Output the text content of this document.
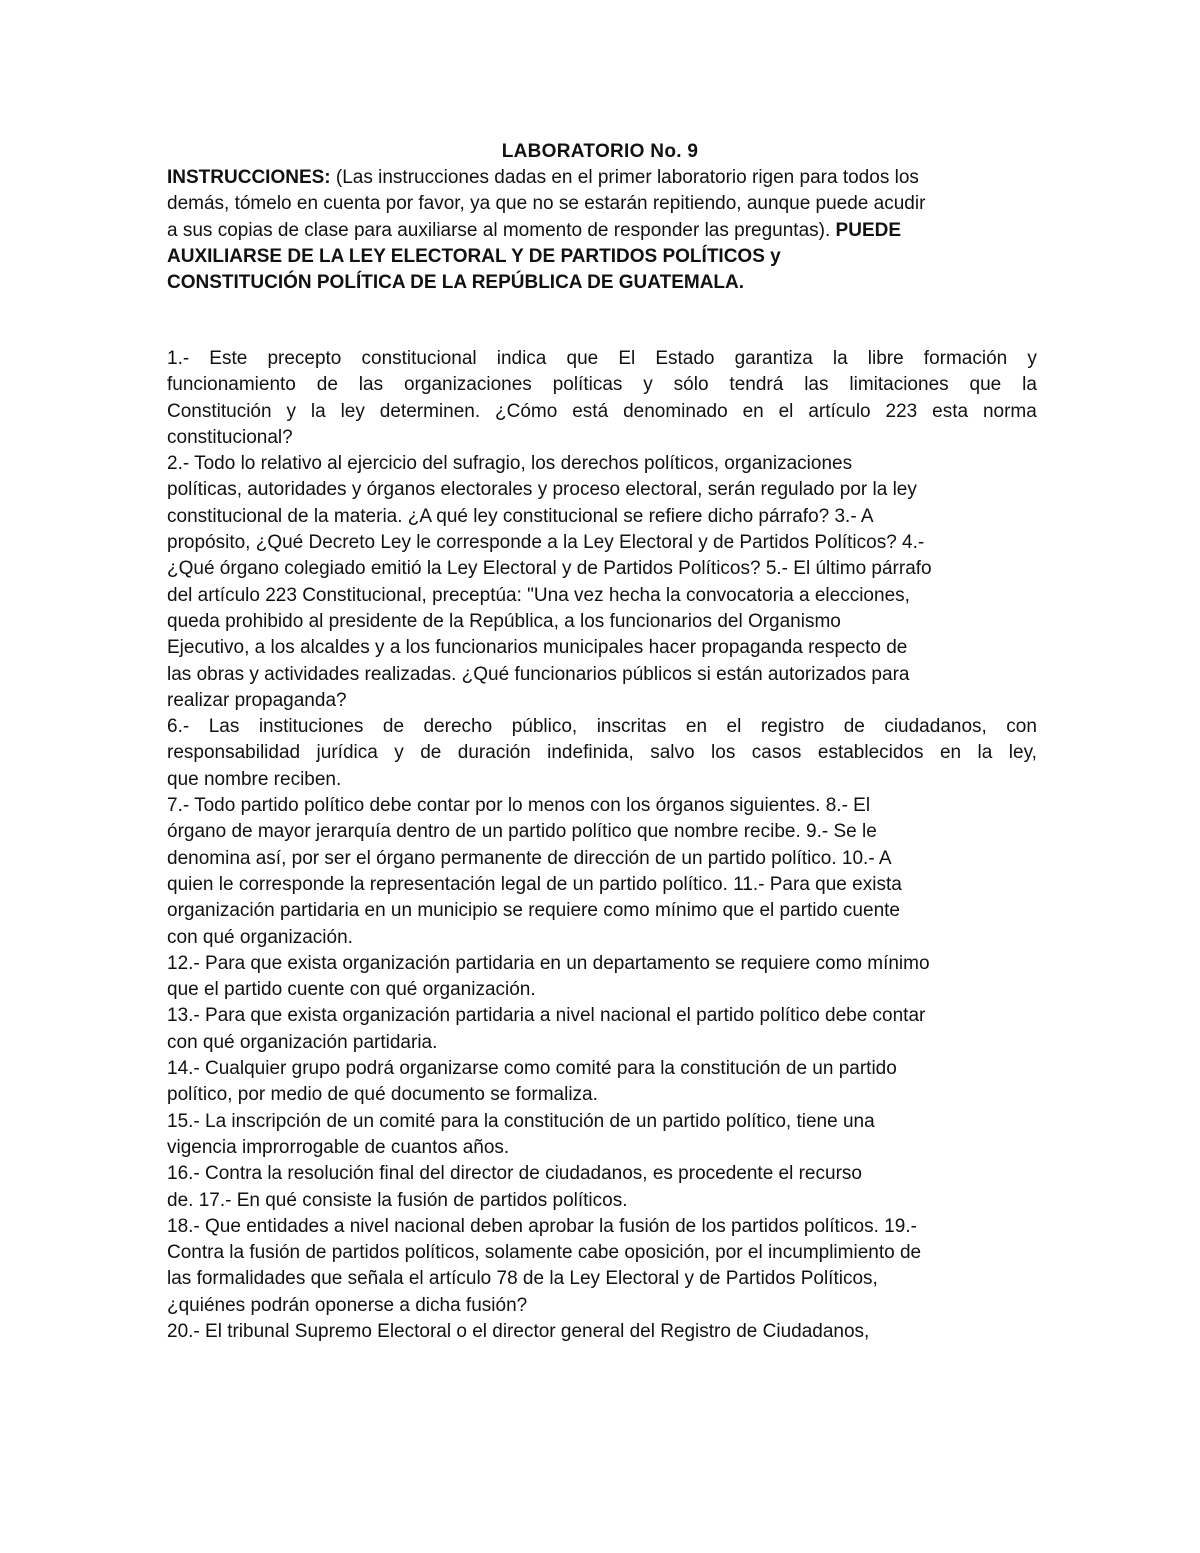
LABORATORIO No. 9
INSTRUCCIONES: (Las instrucciones dadas en el primer laboratorio rigen para todos los
demás, tómelo en cuenta por favor, ya que no se estarán repitiendo, aunque puede acudir
a sus copias de clase para auxiliarse al momento de responder las preguntas). PUEDE
AUXILIARSE DE LA LEY ELECTORAL Y DE PARTIDOS POLÍTICOS y
CONSTITUCIÓN POLÍTICA DE LA REPÚBLICA DE GUATEMALA.
1.- Este precepto constitucional indica que El Estado garantiza la libre formación y
funcionamiento de las organizaciones políticas y sólo tendrá las limitaciones que la
Constitución y la ley determinen. ¿Cómo está denominado en el artículo 223 esta norma
constitucional?
2.- Todo lo relativo al ejercicio del sufragio, los derechos políticos, organizaciones
políticas, autoridades y órganos electorales y proceso electoral, serán regulado por la ley
constitucional de la materia. ¿A qué ley constitucional se refiere dicho párrafo? 3.- A
propósito, ¿Qué Decreto Ley le corresponde a la Ley Electoral y de Partidos Políticos? 4.-
¿Qué órgano colegiado emitió la Ley Electoral y de Partidos Políticos? 5.- El último párrafo
del artículo 223 Constitucional, preceptúa: "Una vez hecha la convocatoria a elecciones,
queda prohibido al presidente de la República, a los funcionarios del Organismo
Ejecutivo, a los alcaldes y a los funcionarios municipales hacer propaganda respecto de
las obras y actividades realizadas. ¿Qué funcionarios públicos si están autorizados para
realizar propaganda?
6.- Las instituciones de derecho público, inscritas en el registro de ciudadanos, con
responsabilidad jurídica y de duración indefinida, salvo los casos establecidos en la ley,
que nombre reciben.
7.- Todo partido político debe contar por lo menos con los órganos siguientes. 8.- El
órgano de mayor jerarquía dentro de un partido político que nombre recibe. 9.- Se le
denomina así, por ser el órgano permanente de dirección de un partido político. 10.- A
quien le corresponde la representación legal de un partido político. 11.- Para que exista
organización partidaria en un municipio se requiere como mínimo que el partido cuente
con qué organización.
12.- Para que exista organización partidaria en un departamento se requiere como mínimo
que el partido cuente con qué organización.
13.- Para que exista organización partidaria a nivel nacional el partido político debe contar
con qué organización partidaria.
14.- Cualquier grupo podrá organizarse como comité para la constitución de un partido
político, por medio de qué documento se formaliza.
15.- La inscripción de un comité para la constitución de un partido político, tiene una
vigencia improrrogable de cuantos años.
16.- Contra la resolución final del director de ciudadanos, es procedente el recurso
de. 17.- En qué consiste la fusión de partidos políticos.
18.- Que entidades a nivel nacional deben aprobar la fusión de los partidos políticos. 19.-
Contra la fusión de partidos políticos, solamente cabe oposición, por el incumplimiento de
las formalidades que señala el artículo 78 de la Ley Electoral y de Partidos Políticos,
¿quiénes podrán oponerse a dicha fusión?
20.- El tribunal Supremo Electoral o el director general del Registro de Ciudadanos,
